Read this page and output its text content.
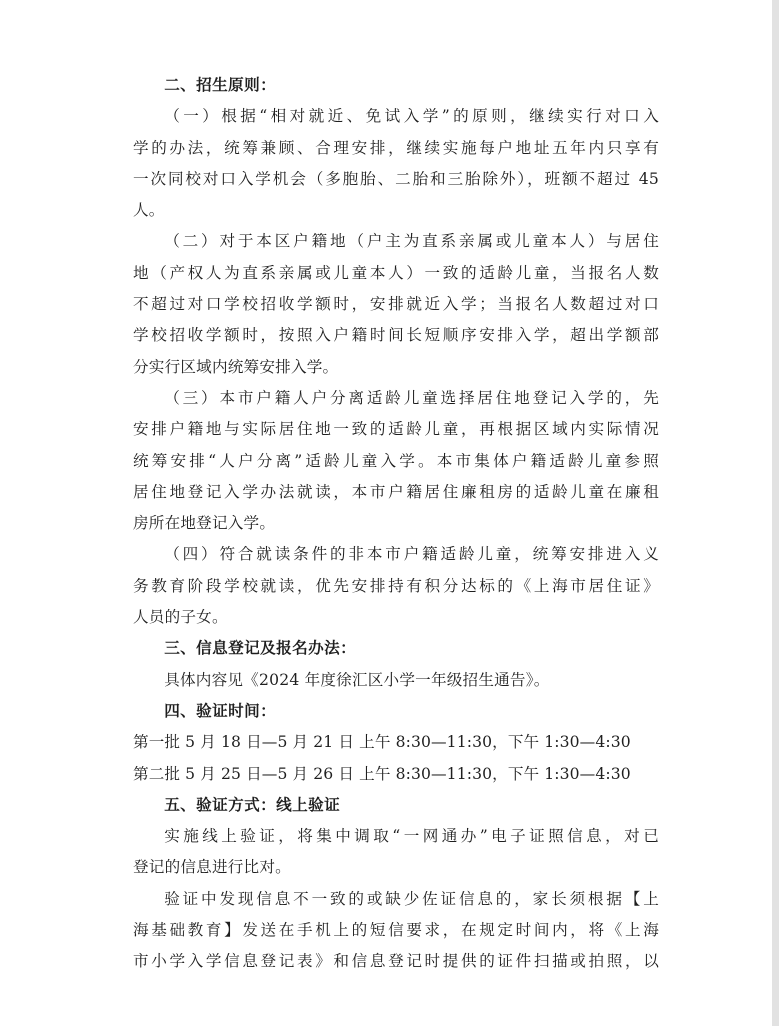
二、招生原则：

（一）根据“相对就近、免试入学”的原则，继续实行对口入
学的办法，统筹兼顾、合理安排，继续实施每户地址五年内只享有
一次同校对口入学机会（多胞胎、二胎和三胎除外），班额不超过 45
人。

（二）对于本区户籍地（户主为直系亲属或儿童本人）与居住
地（产权人为直系亲属或儿童本人）一致的适龄儿童，当报名人数
不超过对口学校招收学额时，安排就近入学；当报名人数超过对口
学校招收学额时，按照入户籍时间长短顺序安排入学，超出学额部
分实行区域内统筹安排入学。

（三）本市户籍人户分离适龄儿童选择居住地登记入学的，先
安排户籍地与实际居住地一致的适龄儿童，再根据区域内实际情况
统筹安排“人户分离”适龄儿童入学。本市集体户籍适龄儿童参照
居住地登记入学办法就读，本市户籍居住廉租房的适龄儿童在廉租
房所在地登记入学。

（四）符合就读条件的非本市户籍适龄儿童，统筹安排进入义
务教育阶段学校就读，优先安排持有积分达标的《上海市居住证》
人员的子女。

三、信息登记及报名办法：

具体内容见《2024 年度徐汇区小学一年级招生通告》。

四、验证时间：

第一批 5 月 18 日—5 月 21 日 上午 8:30—11:30，下午 1:30—4:30

第二批 5 月 25 日—5 月 26 日 上午 8:30—11:30，下午 1:30—4:30

五、验证方式：线上验证

实施线上验证，将集中调取“一网通办”电子证照信息，对已
登记的信息进行比对。

验证中发现信息不一致的或缺少佐证信息的，家长须根据【上
海基础教育】发送在手机上的短信要求，在规定时间内，将《上海
市小学入学信息登记表》和信息登记时提供的证件扫描或拍照，以
